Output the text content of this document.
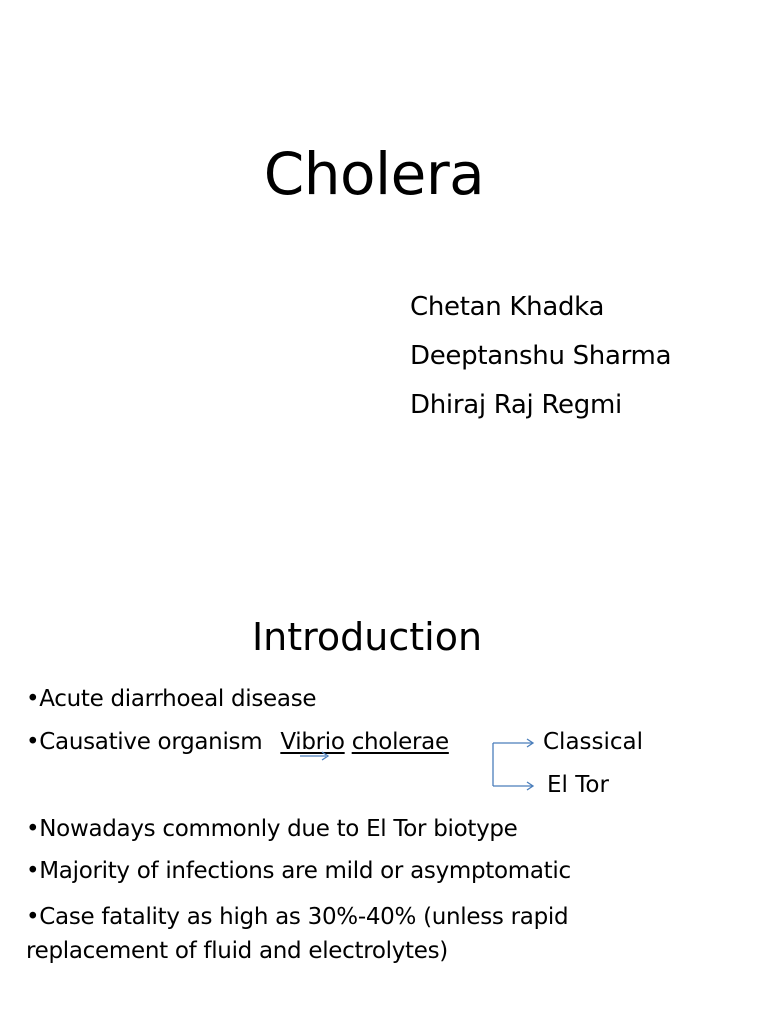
Cholera
Chetan Khadka
Deeptanshu Sharma
Dhiraj Raj Regmi
Introduction
•Acute diarrhoeal disease
•Causative organism Vibrio cholerae
•Nowadays commonly due to El Tor biotype
•Majority of infections are mild or asymptomatic
•Case fatality as high as 30%-40% (unless rapid replacement of fluid and electrolytes)
Classical
El Tor
